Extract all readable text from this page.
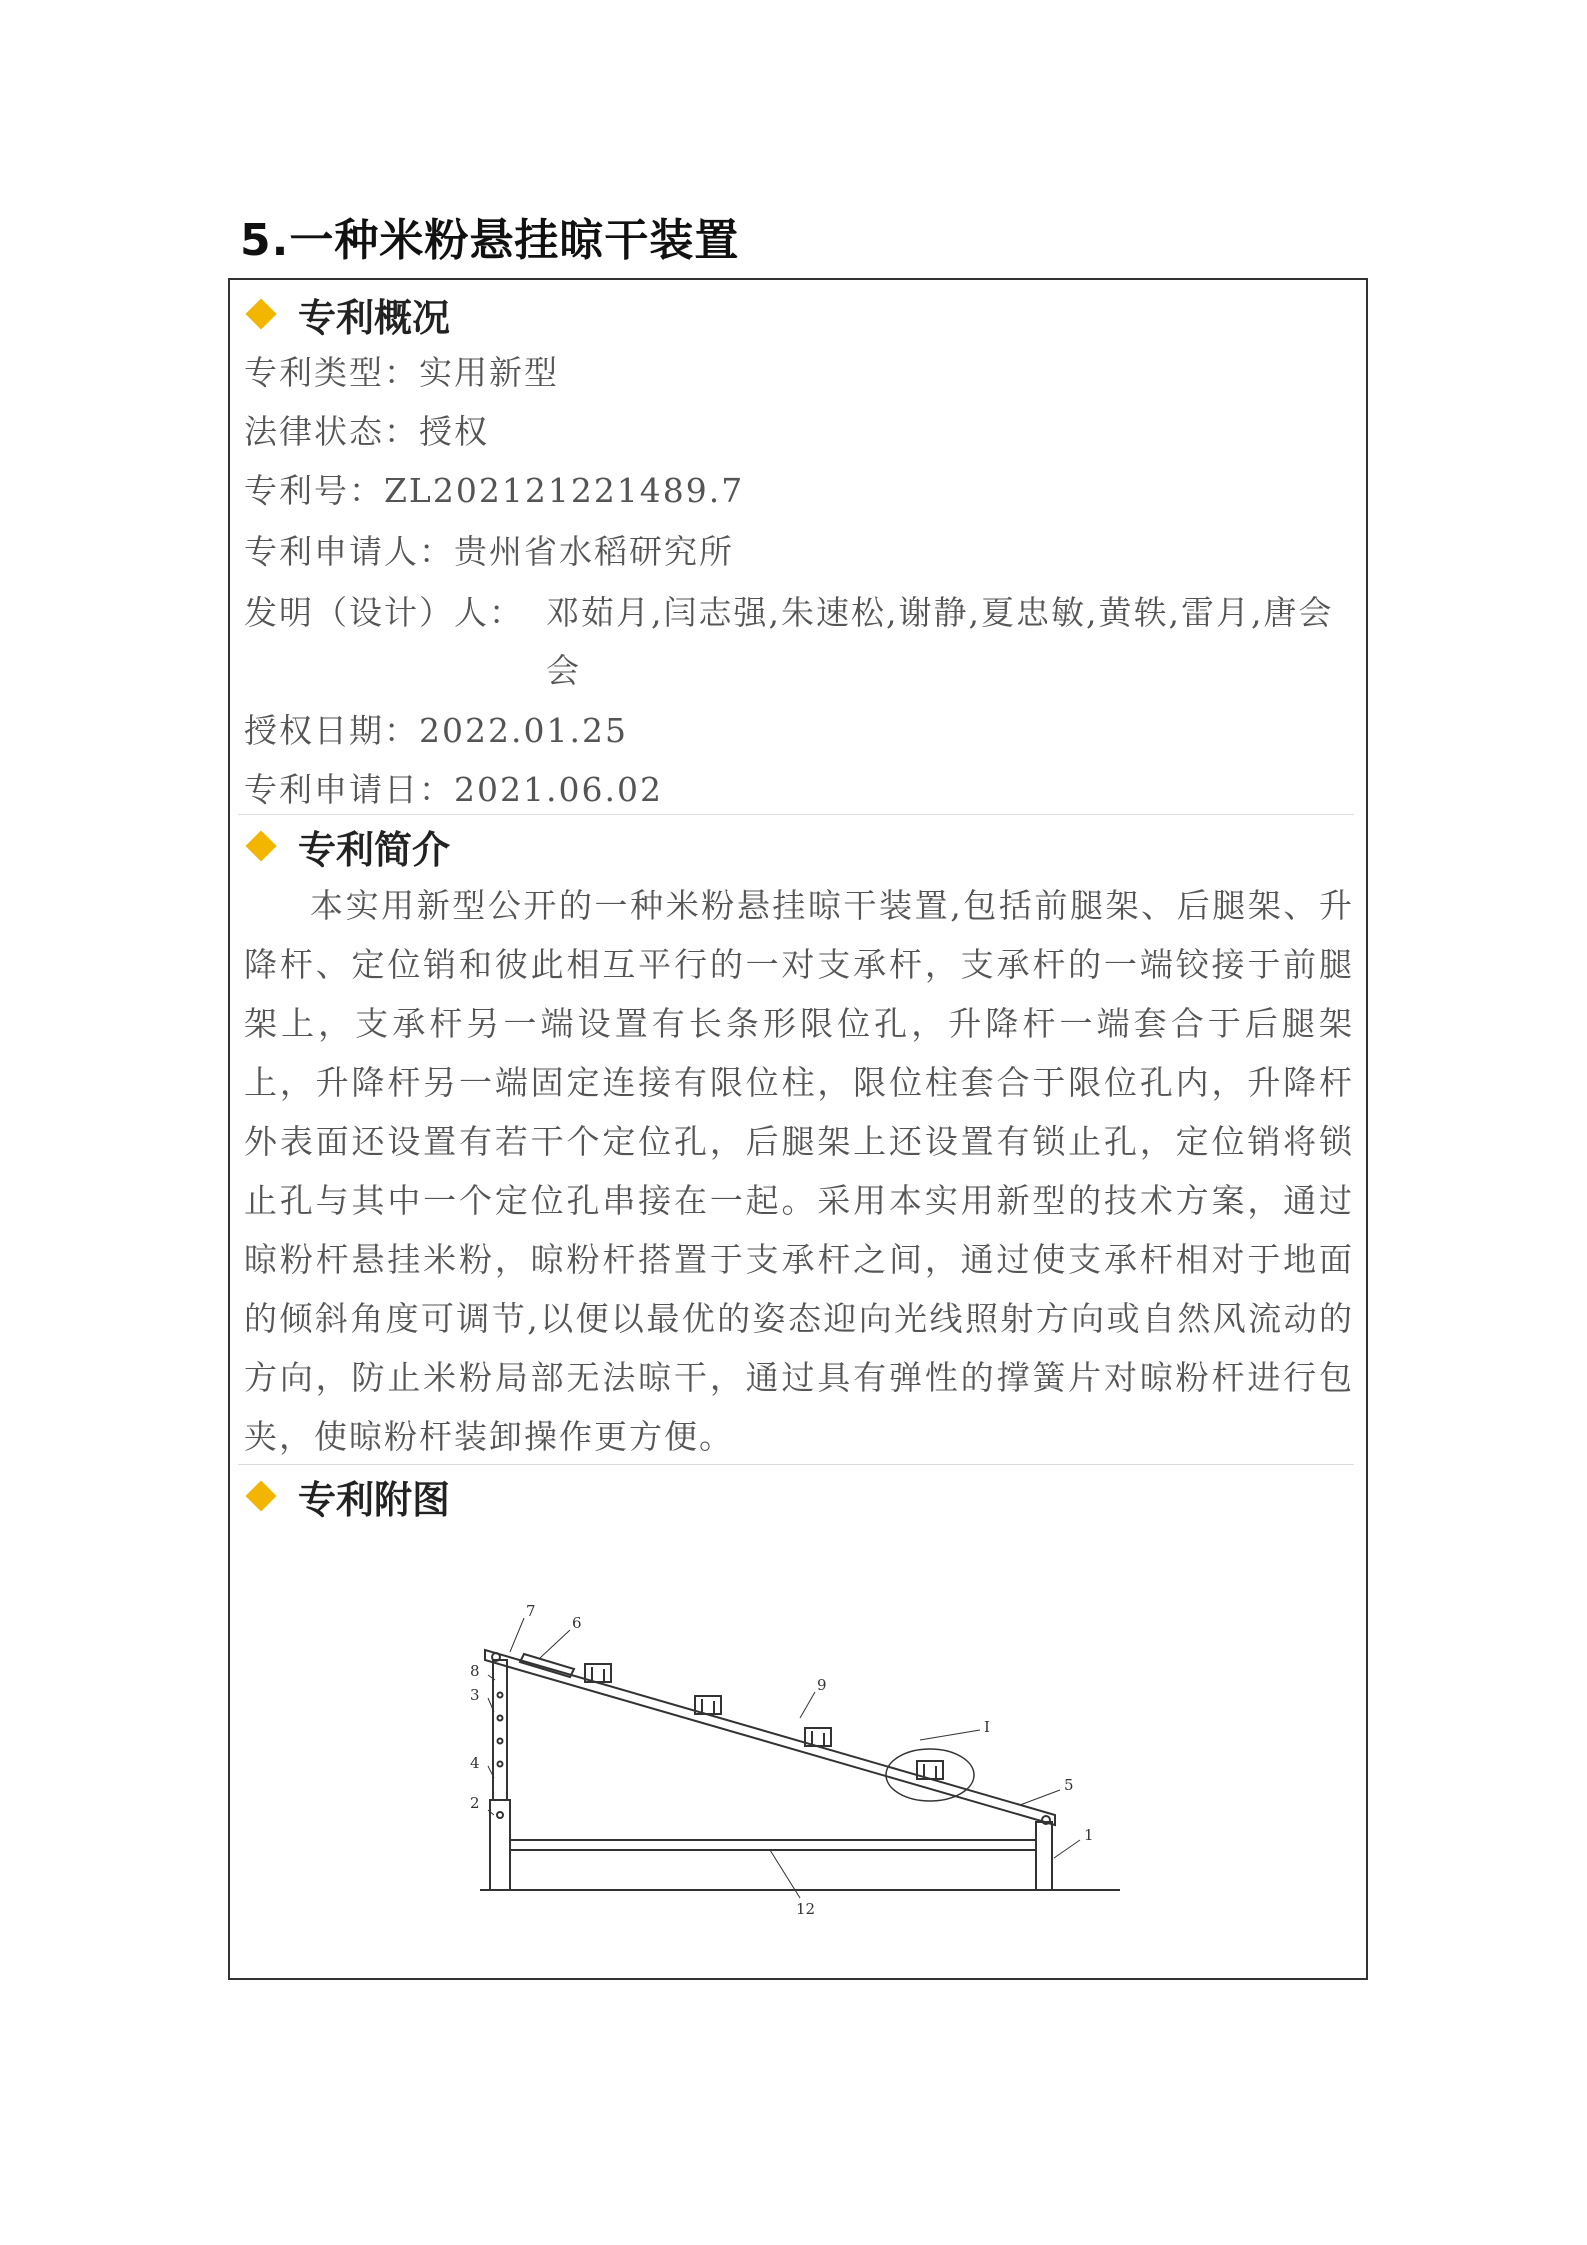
5.一种米粉悬挂晾干装置
专利概况
专利类型：实用新型
法律状态：授权
专利号：ZL202121221489.7
专利申请人：贵州省水稻研究所
发明（设计）人： 邓茹月,闫志强,朱速松,谢静,夏忠敏,黄轶,雷月,唐会会
授权日期：2022.01.25
专利申请日：2021.06.02
专利简介

本实用新型公开的一种米粉悬挂晾干装置,包括前腿架、后腿架、升降杆、定位销和彼此相互平行的一对支承杆，支承杆的一端铰接于前腿架上，支承杆另一端设置有长条形限位孔，升降杆一端套合于后腿架上，升降杆另一端固定连接有限位柱，限位柱套合于限位孔内，升降杆外表面还设置有若干个定位孔，后腿架上还设置有锁止孔，定位销将锁止孔与其中一个定位孔串接在一起。采用本实用新型的技术方案，通过晾粉杆悬挂米粉，晾粉杆搭置于支承杆之间，通过使支承杆相对于地面的倾斜角度可调节,以便以最优的姿态迎向光线照射方向或自然风流动的方向，防止米粉局部无法晾干，通过具有弹性的撑簧片对晾粉杆进行包夹，使晾粉杆装卸操作更方便。

专利附图
7
6
8
3
4
2
9
I
5
1
12
